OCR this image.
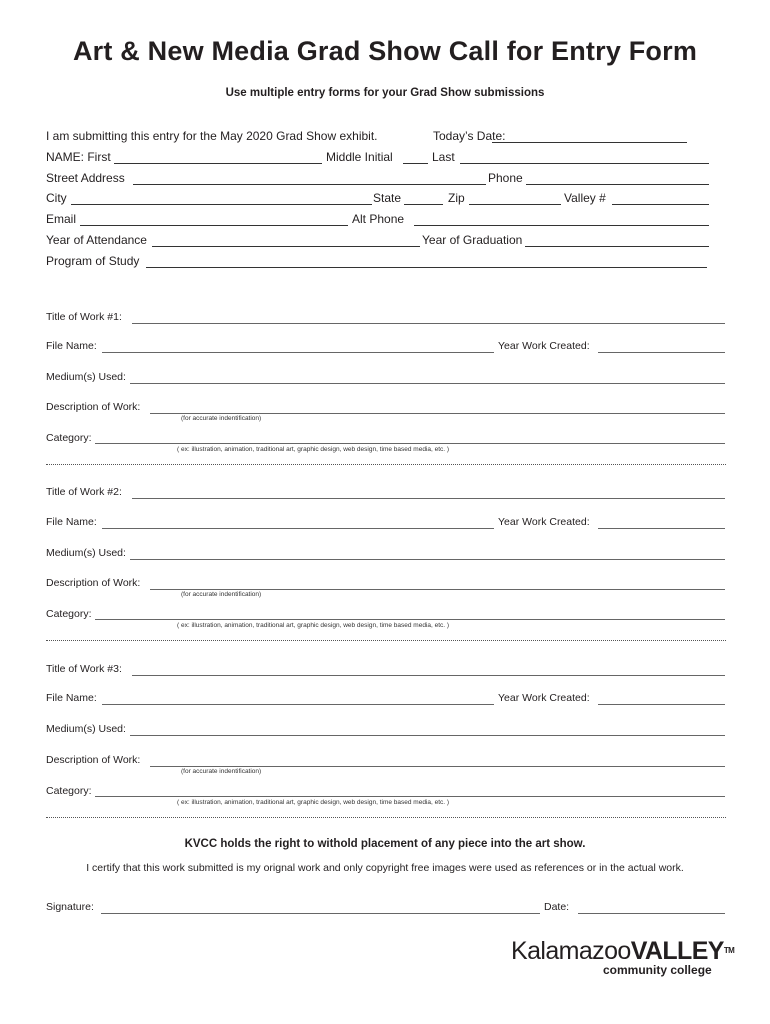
Art & New Media Grad Show Call for Entry Form
Use multiple entry forms for your Grad Show submissions
I am submitting this entry for the May 2020 Grad Show exhibit.	Today’s Date:
NAME: First	Middle Initial	Last
Street Address	Phone
City	State	Zip	Valley #
Email	Alt Phone
Year of Attendance	Year of Graduation
Program of Study
Title of Work #1:
File Name:	Year Work Created:
Medium(s) Used:
Description of Work:
(for accurate indentification)
Category:
( ex: illustration, animation, traditional art, graphic design, web design, time based media, etc. )
Title of Work #2:
File Name:	Year Work Created:
Medium(s) Used:
Description of Work:
(for accurate indentification)
Category:
( ex: illustration, animation, traditional art, graphic design, web design, time based media, etc. )
Title of Work #3:
File Name:	Year Work Created:
Medium(s) Used:
Description of Work:
(for accurate indentification)
Category:
( ex: illustration, animation, traditional art, graphic design, web design, time based media, etc. )
KVCC holds the right to withold placement of any piece into the art show.
I certify that this work submitted is my orignal work and only copyright free images were used as references or in the actual work.
Signature:	Date:
KalamazooVALLEY™
community college
